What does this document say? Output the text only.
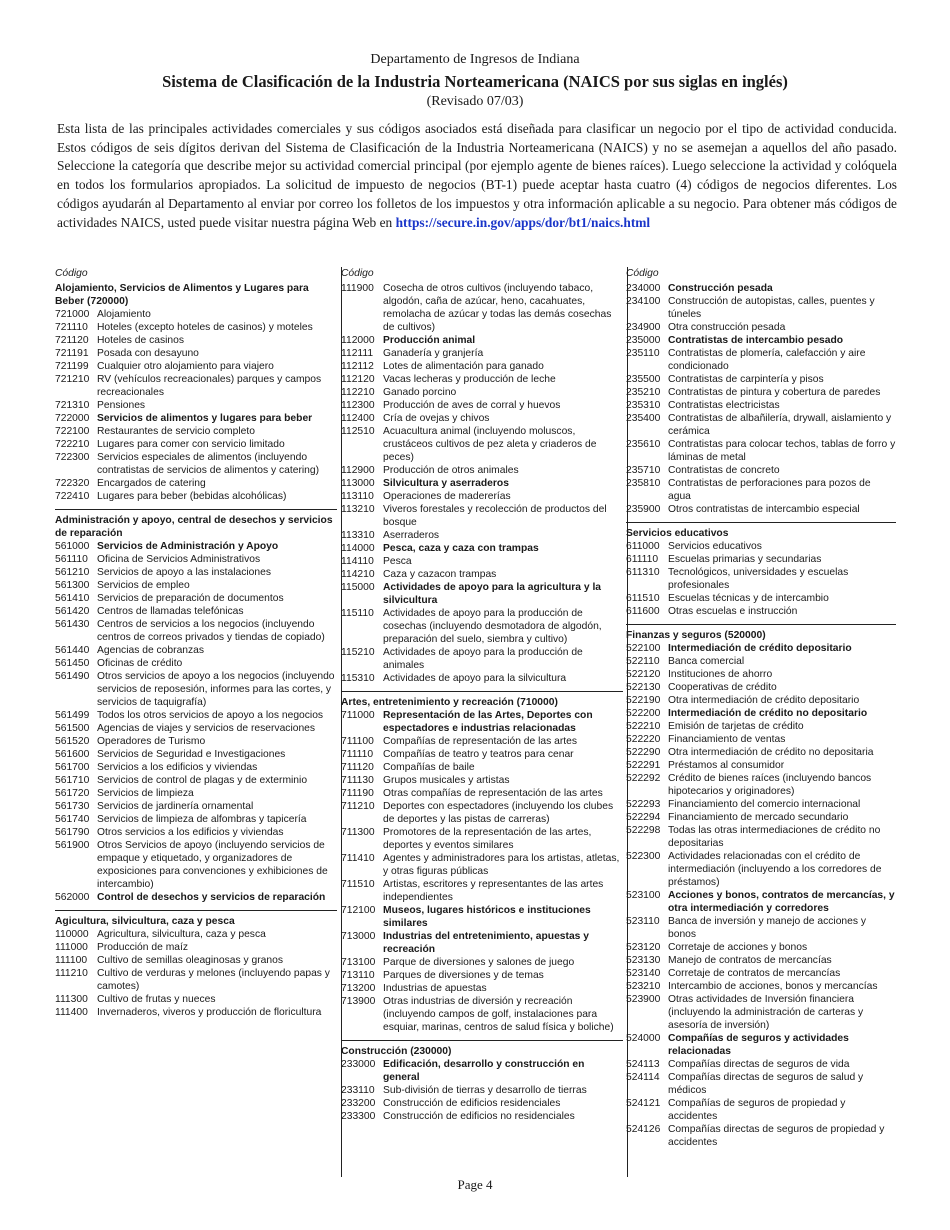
Departamento de Ingresos de Indiana
Sistema de Clasificación de la Industria Norteamericana (NAICS por sus siglas en inglés)
(Revisado 07/03)
Esta lista de las principales actividades comerciales y sus códigos asociados está diseñada para clasificar un negocio por el tipo de actividad conducida. Estos códigos de seis dígitos derivan del Sistema de Clasificación de la Industria Norteamericana (NAICS) y no se asemejan a aquellos del año pasado. Seleccione la categoría que describe mejor su actividad comercial principal (por ejemplo agente de bienes raíces). Luego seleccione la actividad y colóquela en todos los formularios apropiados. La solicitud de impuesto de negocios (BT-1) puede aceptar hasta cuatro (4) códigos de negocios diferentes. Los códigos ayudarán al Departamento al enviar por correo los folletos de los impuestos y otra información aplicable a su negocio. Para obtener más códigos de actividades NAICS, usted puede visitar nuestra página Web en https://secure.in.gov/apps/dor/bt1/naics.html
Código
Alojamiento, Servicios de Alimentos y Lugares para Beber (720000)
721000 Alojamiento
721110 Hoteles (excepto hoteles de casinos) y moteles
721120 Hoteles de casinos
721191 Posada con desayuno
721199 Cualquier otro alojamiento para viajero
721210 RV (vehículos recreacionales) parques y campos recreacionales
721310 Pensiones
722000 Servicios de alimentos y lugares para beber
722100 Restaurantes de servicio completo
722210 Lugares para comer con servicio limitado
722300 Servicios especiales de alimentos (incluyendo contratistas de servicios de alimentos y catering)
722320 Encargados de catering
722410 Lugares para beber (bebidas alcohólicas)
Administración y apoyo, central de desechos y servicios de reparación
561000 Servicios de Administración y Apoyo
561110 Oficina de Servicios Administrativos
561210 Servicios de apoyo a las instalaciones
561300 Servicios de empleo
561410 Servicios de preparación de documentos
561420 Centros de llamadas telefónicas
561430 Centros de servicios a los negocios (incluyendo centros de correos privados y tiendas de copiado)
561440 Agencias de cobranzas
561450 Oficinas de crédito
561490 Otros servicios de apoyo a los negocios (incluyendo servicios de reposesión, informes para las cortes, y servicios de taquigrafía)
561499 Todos los otros servicios de apoyo a los negocios
561500 Agencias de viajes y servicios de reservaciones
561520 Operadores de Turismo
561600 Servicios de Seguridad e Investigaciones
561700 Servicios a los edificios y viviendas
561710 Servicios de control de plagas y de exterminio
561720 Servicios de limpieza
561730 Servicios de jardinería ornamental
561740 Servicios de limpieza de alfombras y tapicería
561790 Otros servicios a los edificios y viviendas
561900 Otros Servicios de apoyo (incluyendo servicios de empaque y etiquetado, y organizadores de exposiciones para convenciones y exhibiciones de intercambio)
562000 Control de desechos y servicios de reparación
Agicultura, silvicultura, caza y pesca
110000 Agricultura, silvicultura, caza y pesca
111000 Producción de maíz
111100 Cultivo de semillas oleaginosas y granos
111210 Cultivo de verduras y melones (incluyendo papas y camotes)
111300 Cultivo de frutas y nueces
111400 Invernaderos, viveros y producción de floricultura
Código
111900 Cosecha de otros cultivos (incluyendo tabaco, algodón, caña de azúcar, heno, cacahuates, remolacha de azúcar y todas las demás cosechas de cultivos)
112000 Producción animal
112111 Ganadería y granjería
112112 Lotes de alimentación para ganado
112120 Vacas lecheras y producción de leche
112210 Ganado porcino
112300 Producción de aves de corral y huevos
112400 Cría de ovejas y chivos
112510 Acuacultura animal (incluyendo moluscos, crustáceos cultivos de pez aleta y criaderos de peces)
112900 Producción de otros animales
113000 Silvicultura y aserraderos
113110 Operaciones de madererías
113210 Viveros forestales y recolección de productos del bosque
113310 Aserraderos
114000 Pesca, caza y caza con trampas
114110 Pesca
114210 Caza y cazacon trampas
115000 Actividades de apoyo para la agricultura y la silvicultura
115110 Actividades de apoyo para la producción de cosechas (incluyendo desmotadora de algodón, preparación del suelo, siembra y cultivo)
115210 Actividades de apoyo para la producción de animales
115310 Actividades de apoyo para la silvicultura
Artes, entretenimiento y recreación (710000)
711000 Representación de las Artes, Deportes con espectadores e industrias relacionadas
711100 Compañías de representación de las artes
711110 Compañías de teatro y teatros para cenar
711120 Compañías de baile
711130 Grupos musicales y artistas
711190 Otras compañías de representación de las artes
711210 Deportes con espectadores (incluyendo los clubes de deportes y las pistas de carreras)
711300 Promotores de la representación de las artes, deportes y eventos similares
711410 Agentes y administradores para los artistas, atletas, y otras figuras públicas
711510 Artistas, escritores y representantes de las artes independientes
712100 Museos, lugares históricos e instituciones similares
713000 Industrias del entretenimiento, apuestas y recreación
713100 Parque de diversiones y salones de juego
713110 Parques de diversiones y de temas
713200 Industrias de apuestas
713900 Otras industrias de diversión y recreación (incluyendo campos de golf, instalaciones para esquiar, marinas, centros de salud física y boliche)
Construcción (230000)
233000 Edificación, desarrollo y construcción en general
233110 Sub-división de tierras y desarrollo de tierras
233200 Construcción de edificios residenciales
233300 Construcción de edificios no residenciales
Código
234000 Construcción pesada
234100 Construcción de autopistas, calles, puentes y túneles
234900 Otra construcción pesada
235000 Contratistas de intercambio pesado
235110 Contratistas de plomería, calefacción y aire condicionado
235500 Contratistas de carpintería y pisos
235210 Contratistas de pintura y cobertura de paredes
235310 Contratistas electricistas
235400 Contratistas de albañilería, drywall, aislamiento y cerámica
235610 Contratistas para colocar techos, tablas de forro y láminas de metal
235710 Contratistas de concreto
235810 Contratistas de perforaciones para pozos de agua
235900 Otros contratistas de intercambio especial
Servicios educativos
611000 Servicios educativos
611110 Escuelas primarias y secundarias
611310 Tecnológicos, universidades y escuelas profesionales
611510 Escuelas técnicas y de intercambio
611600 Otras escuelas e instrucción
Finanzas y seguros (520000)
522100 Intermediación de crédito depositario
522110 Banca comercial
522120 Instituciones de ahorro
522130 Cooperativas de crédito
522190 Otra intermediación de crédito depositario
522200 Intermediación de crédito no depositario
522210 Emisión de tarjetas de crédito
522220 Financiamiento de ventas
522290 Otra intermediación de crédito no depositaria
522291 Préstamos al consumidor
522292 Crédito de bienes raíces (incluyendo bancos hipotecarios y originadores)
522293 Financiamiento del comercio internacional
522294 Financiamiento de mercado secundario
522298 Todas las otras intermediaciones de crédito no depositarias
522300 Actividades relacionadas con el crédito de intermediación (incluyendo a los corredores de préstamos)
523100 Acciones y bonos, contratos de mercancías, y otra intermediación y corredores
523110 Banca de inversión y manejo de acciones y bonos
523120 Corretaje de acciones y bonos
523130 Manejo de contratos de mercancías
523140 Corretaje de contratos de mercancías
523210 Intercambio de acciones, bonos y mercancías
523900 Otras actividades de Inversión financiera (incluyendo la administración de carteras y asesoría de inversión)
524000 Compañías de seguros y actividades relacionadas
524113 Compañías directas de seguros de vida
524114 Compañías directas de seguros de salud y médicos
524121 Compañías de seguros de propiedad y accidentes
524126 Compañías directas de seguros de propiedad y accidentes
Page 4
